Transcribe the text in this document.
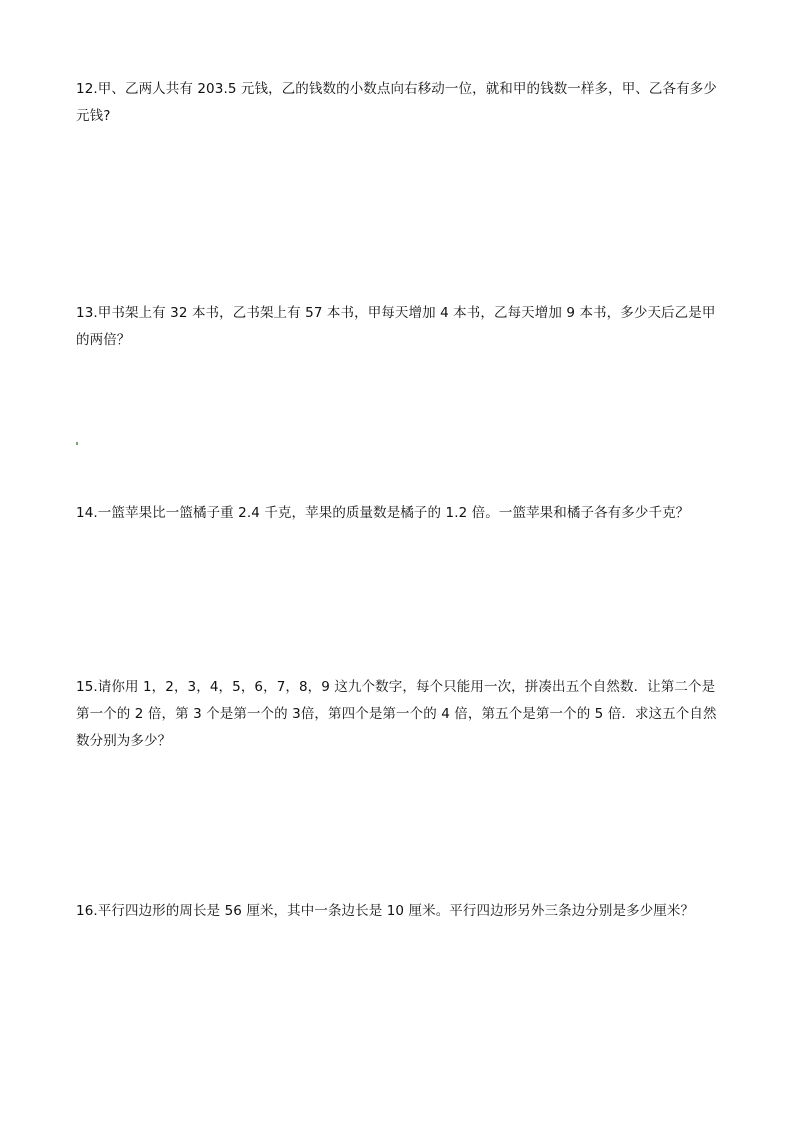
12.甲、乙两人共有 203.5 元钱，乙的钱数的小数点向右移动一位，就和甲的钱数一样多，甲、乙各有多少元钱?

13.甲书架上有 32 本书，乙书架上有 57 本书，甲每天增加 4 本书，乙每天增加 9 本书，多少天后乙是甲的两倍？

14.一篮苹果比一篮橘子重 2.4 千克，苹果的质量数是橘子的 1.2 倍。一篮苹果和橘子各有多少千克？

15.请你用 1，2，3，4，5，6，7，8，9 这九个数字，每个只能用一次，拼凑出五个自然数．让第二个是第一个的 2 倍，第 3 个是第一个的 3倍，第四个是第一个的 4 倍，第五个是第一个的 5 倍．求这五个自然数分别为多少？

16.平行四边形的周长是 56 厘米，其中一条边长是 10 厘米。平行四边形另外三条边分别是多少厘米？
